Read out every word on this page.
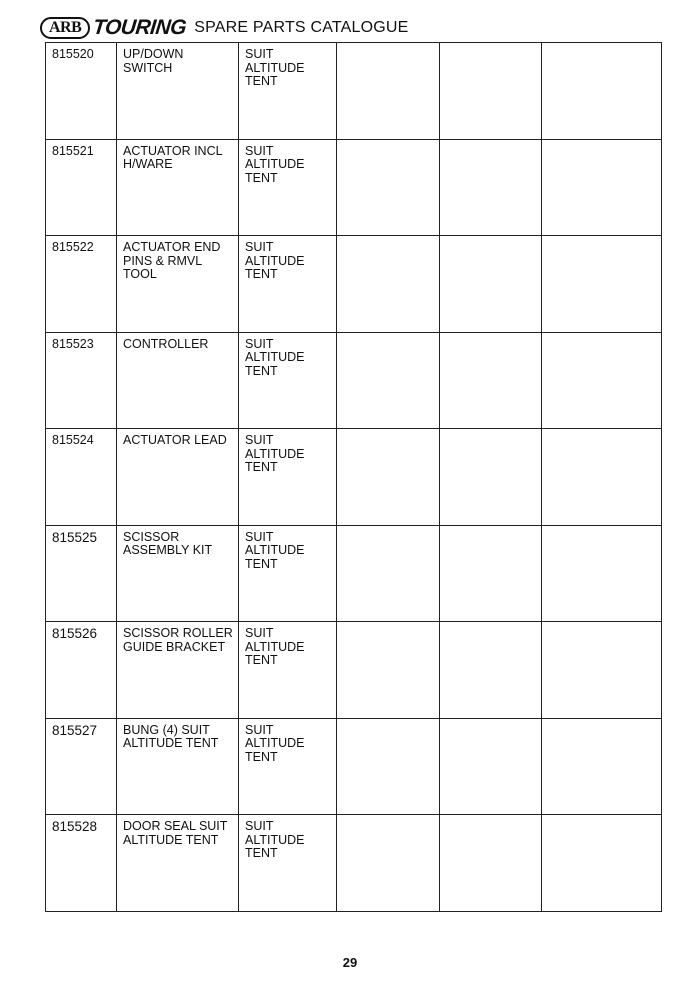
ARB TOURING SPARE PARTS CATALOGUE
815520	UP/DOWN SWITCH	SUIT ALTITUDE TENT			
815521	ACTUATOR INCL H/WARE	SUIT ALTITUDE TENT			
815522	ACTUATOR END PINS & RMVL TOOL	SUIT ALTITUDE TENT			
815523	CONTROLLER	SUIT ALTITUDE TENT			
815524	ACTUATOR LEAD	SUIT ALTITUDE TENT			
815525	SCISSOR ASSEMBLY KIT	SUIT ALTITUDE TENT			
815526	SCISSOR ROLLER GUIDE BRACKET	SUIT ALTITUDE TENT			
815527	BUNG (4) SUIT ALTITUDE TENT	SUIT ALTITUDE TENT			
815528	DOOR SEAL SUIT ALTITUDE TENT	SUIT ALTITUDE TENT			
29
